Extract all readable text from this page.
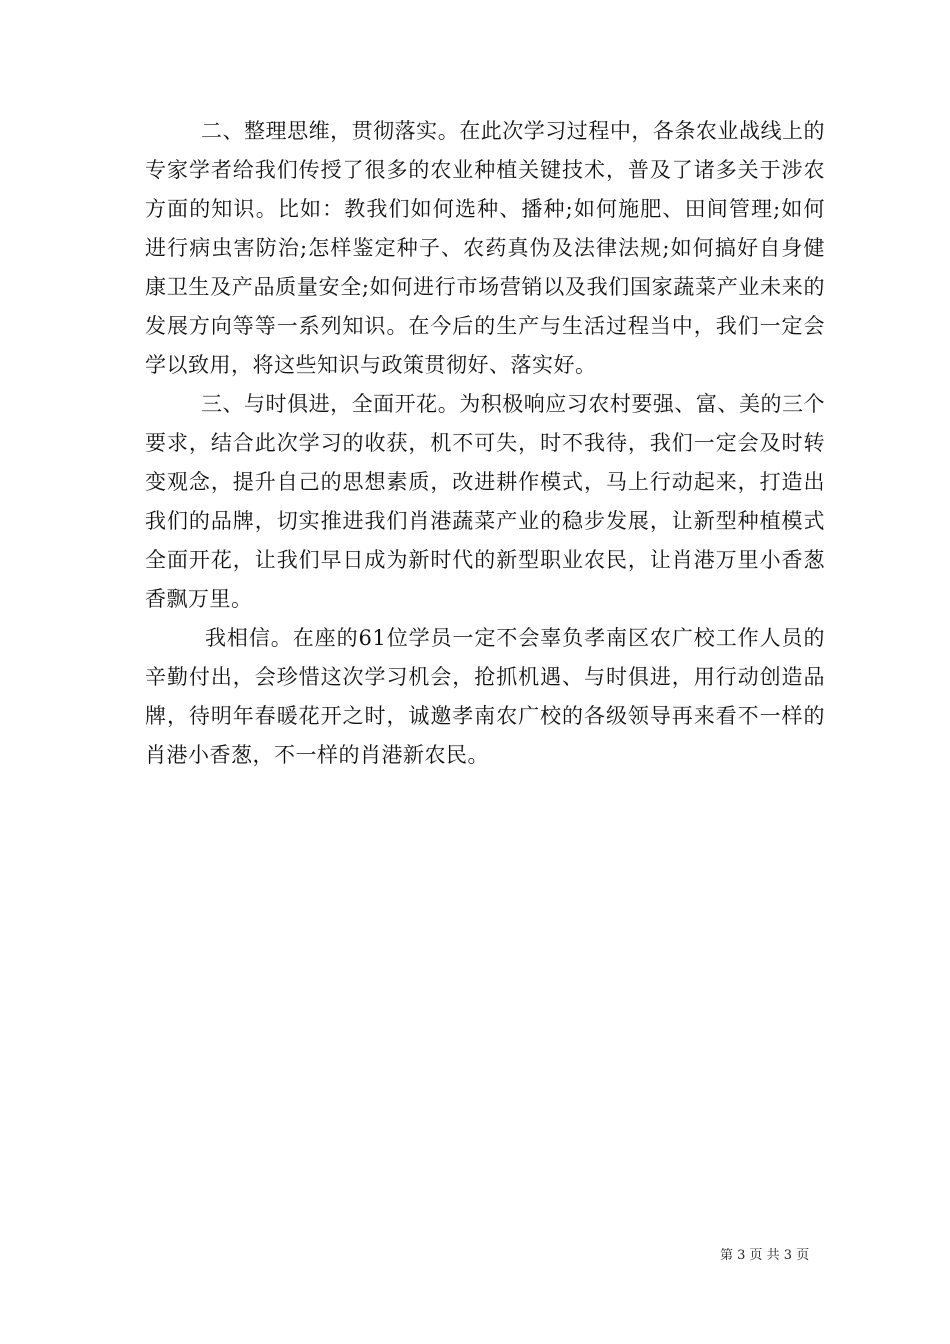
二、整理思维，贯彻落实。在此次学习过程中，各条农业战线上的专家学者给我们传授了很多的农业种植关键技术，普及了诸多关于涉农方面的知识。比如：教我们如何选种、播种;如何施肥、田间管理;如何进行病虫害防治;怎样鉴定种子、农药真伪及法律法规;如何搞好自身健康卫生及产品质量安全;如何进行市场营销以及我们国家蔬菜产业未来的发展方向等等一系列知识。在今后的生产与生活过程当中，我们一定会学以致用，将这些知识与政策贯彻好、落实好。

三、与时俱进，全面开花。为积极响应习农村要强、富、美的三个要求，结合此次学习的收获，机不可失，时不我待，我们一定会及时转变观念，提升自己的思想素质，改进耕作模式，马上行动起来，打造出我们的品牌，切实推进我们肖港蔬菜产业的稳步发展，让新型种植模式全面开花，让我们早日成为新时代的新型职业农民，让肖港万里小香葱香飘万里。

我相信。在座的61位学员一定不会辜负孝南区农广校工作人员的辛勤付出，会珍惜这次学习机会，抢抓机遇、与时俱进，用行动创造品牌，待明年春暖花开之时，诚邀孝南农广校的各级领导再来看不一样的肖港小香葱，不一样的肖港新农民。

第 3 页 共 3 页
